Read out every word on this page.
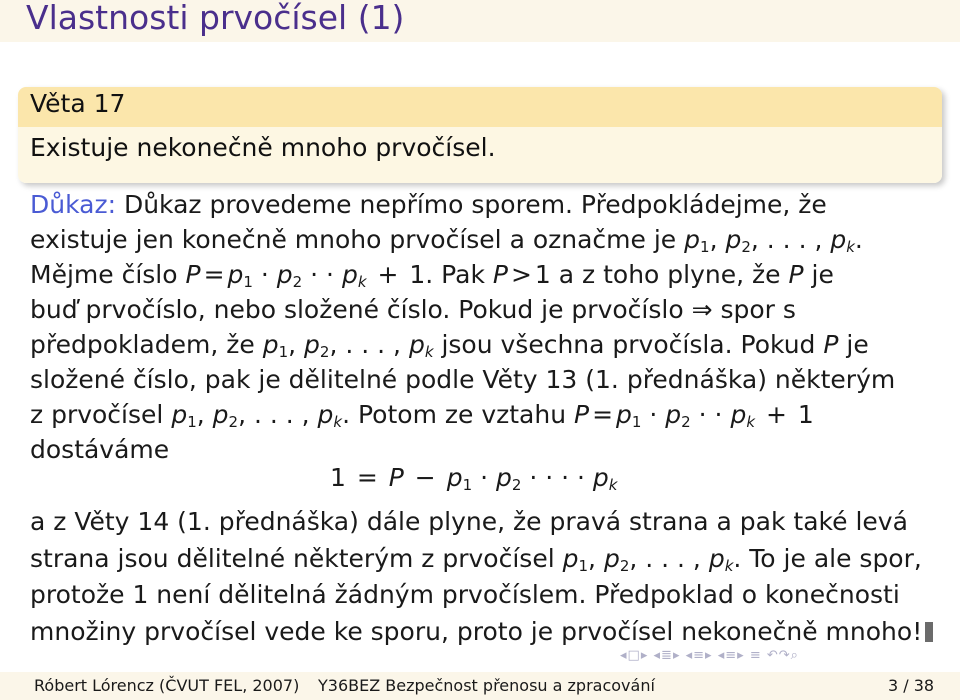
Vlastnosti prvočísel (1)
Věta 17
Existuje nekonečně mnoho prvočísel.
Důkaz: Důkaz provedeme nepřímo sporem. Předpokládejme, že
existuje jen konečně mnoho prvočísel a označme je $p_1$, $p_2$, . . . , pk.
Mějme číslo $P = p_1 \cdot p_2$ · · pk + 1. Pak P > 1 a z toho plyne, že P je
buď prvočíslo, nebo složené číslo. Pokud je prvočíslo ⇒ spor s
předpokladem, že $p_1$, $p_2$, . . . , pk jsou všechna prvočísla. Pokud P je
složené číslo, pak je dělitelné podle Věty 13 (1. přednáška) některým
z prvočísel $p_1$, $p_2$, . . . , pk. Potom ze vztahu $P = p_1 \cdot p_2$ · · pk + 1
dostáváme
$1 = P - p_1 \cdot p_2$ · · · · pk
a z Věty 14 (1. přednáška) dále plyne, že pravá strana a pak také levá
strana jsou dělitelné některým z prvočísel $p_1$, $p_2$, . . . , pk. To je ale spor,
protože 1 není dělitelná žádným prvočíslem. Předpoklad o konečnosti
množiny prvočísel vede ke sporu, proto je prvočísel nekonečně mnoho!
◂□▸ ◂≣▸ ◂≡▸ ◂≡▸ ≡ ↶↷⌕
Róbert Lórencz (ČVUT FEL, 2007) Y36BEZ Bezpečnost přenosu a zpracování	3 / 38
